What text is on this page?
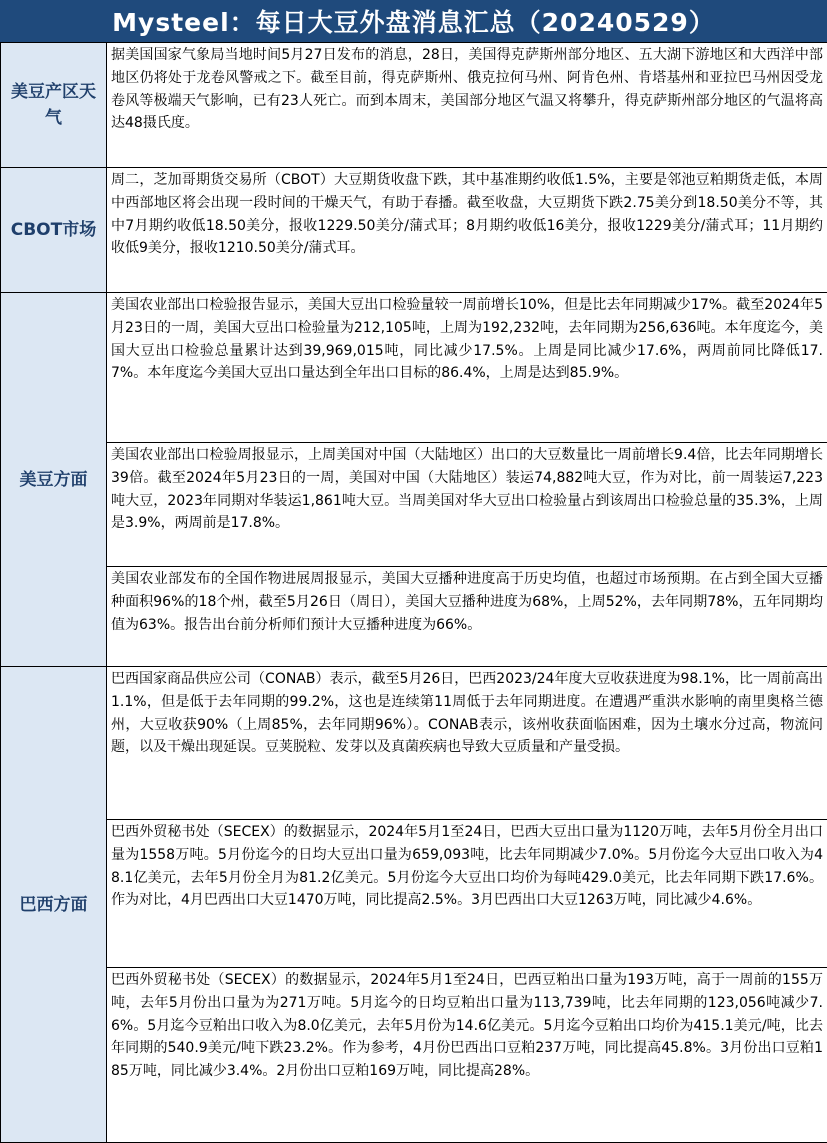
Mysteel：每日大豆外盘消息汇总（20240529）
美豆产区天气	据美国国家气象局当地时间5月27日发布的消息，28日，美国得克萨斯州部分地区、五大湖下游地区和大西洋中部地区仍将处于龙卷风警戒之下。截至目前，得克萨斯州、俄克拉何马州、阿肯色州、肯塔基州和亚拉巴马州因受龙卷风等极端天气影响，已有23人死亡。而到本周末，美国部分地区气温又将攀升，得克萨斯州部分地区的气温将高达48摄氏度。

CBOT市场	周二，芝加哥期货交易所（CBOT）大豆期货收盘下跌，其中基准期约收低1.5%，主要是邻池豆粕期货走低，本周中西部地区将会出现一段时间的干燥天气，有助于春播。截至收盘，大豆期货下跌2.75美分到18.50美分不等，其中7月期约收低18.50美分，报收1229.50美分/蒲式耳；8月期约收低16美分，报收1229美分/蒲式耳；11月期约收低9美分，报收1210.50美分/蒲式耳。

美豆方面	美国农业部出口检验报告显示，美国大豆出口检验量较一周前增长10%，但是比去年同期减少17%。截至2024年5月23日的一周，美国大豆出口检验量为212,105吨，上周为192,232吨，去年同期为256,636吨。本年度迄今，美国大豆出口检验总量累计达到39,969,015吨，同比减少17.5%。上周是同比减少17.6%，两周前同比降低17.7%。本年度迄今美国大豆出口量达到全年出口目标的86.4%，上周是达到85.9%。
	美国农业部出口检验周报显示，上周美国对中国（大陆地区）出口的大豆数量比一周前增长9.4倍，比去年同期增长39倍。截至2024年5月23日的一周，美国对中国（大陆地区）装运74,882吨大豆，作为对比，前一周装运7,223吨大豆，2023年同期对华装运1,861吨大豆。当周美国对华大豆出口检验量占到该周出口检验总量的35.3%，上周是3.9%，两周前是17.8%。
	美国农业部发布的全国作物进展周报显示，美国大豆播种进度高于历史均值，也超过市场预期。在占到全国大豆播种面积96%的18个州，截至5月26日（周日），美国大豆播种进度为68%，上周52%，去年同期78%，五年同期均值为63%。报告出台前分析师们预计大豆播种进度为66%。

巴西方面	巴西国家商品供应公司（CONAB）表示，截至5月26日，巴西2023/24年度大豆收获进度为98.1%，比一周前高出1.1%，但是低于去年同期的99.2%，这也是连续第11周低于去年同期进度。在遭遇严重洪水影响的南里奥格兰德州，大豆收获90%（上周85%，去年同期96%）。CONAB表示，该州收获面临困难，因为土壤水分过高，物流问题，以及干燥出现延误。豆荚脱粒、发芽以及真菌疾病也导致大豆质量和产量受损。
	巴西外贸秘书处（SECEX）的数据显示，2024年5月1至24日，巴西大豆出口量为1120万吨，去年5月份全月出口量为1558万吨。5月份迄今的日均大豆出口量为659,093吨，比去年同期减少7.0%。5月份迄今大豆出口收入为48.1亿美元，去年5月份全月为81.2亿美元。5月份迄今大豆出口均价为每吨429.0美元，比去年同期下跌17.6%。作为对比，4月巴西出口大豆1470万吨，同比提高2.5%。3月巴西出口大豆1263万吨，同比减少4.6%。
	巴西外贸秘书处（SECEX）的数据显示，2024年5月1至24日，巴西豆粕出口量为193万吨，高于一周前的155万吨，去年5月份出口量为为271万吨。5月迄今的日均豆粕出口量为113,739吨，比去年同期的123,056吨减少7.6%。5月迄今豆粕出口收入为8.0亿美元，去年5月份为14.6亿美元。5月迄今豆粕出口均价为415.1美元/吨，比去年同期的540.9美元/吨下跌23.2%。作为参考，4月份巴西出口豆粕237万吨，同比提高45.8%。3月份出口豆粕185万吨，同比减少3.4%。2月份出口豆粕169万吨，同比提高28%。
